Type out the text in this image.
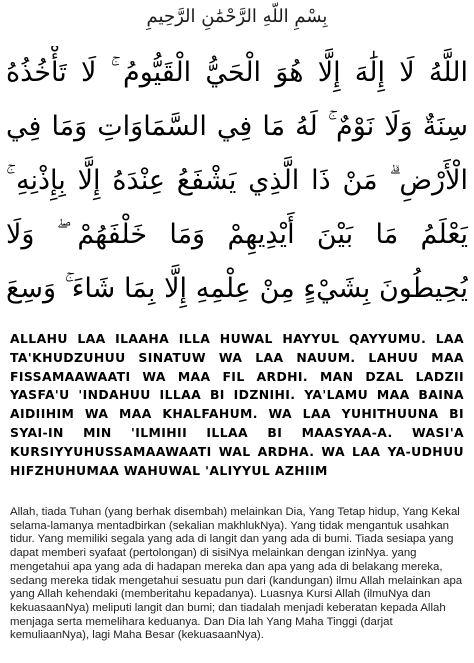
بِسْمِ اللَّهِ الرَّحْمَٰنِ الرَّحِيمِ
اللَّهُ لَا إِلَٰهَ إِلَّا هُوَ الْحَيُّ الْقَيُّومُ ۚ لَا تَأْخُذُهُ سِنَةٌ وَلَا نَوْمٌ ۚ لَهُ مَا فِي السَّمَاوَاتِ وَمَا فِي الْأَرْضِ ۗ مَنْ ذَا الَّذِي يَشْفَعُ عِنْدَهُ إِلَّا بِإِذْنِهِ ۚ يَعْلَمُ مَا بَيْنَ أَيْدِيهِمْ وَمَا خَلْفَهُمْ ۖ وَلَا يُحِيطُونَ بِشَيْءٍ مِنْ عِلْمِهِ إِلَّا بِمَا شَاءَ ۚ وَسِعَ

ALLAHU LAA ILAAHA ILLA HUWAL HAYYUL QAYYUMU. LAA TA'KHUDZUHUU SINATUW WA LAA NAUUM. LAHUU MAA FISSAMAAWAATI WA MAA FIL ARDHI. MAN DZAL LADZII YASFA'U 'INDAHUU ILLAA BI IDZNIHI. YA'LAMU MAA BAINA AIDIIHIM WA MAA KHALFAHUM. WA LAA YUHITHUUNA BI SYAI-IN MIN 'ILMIHII ILLAA BI MAASYAA-A. WASI'A KURSIYYUHUSSAMAAWAATI WAL ARDHA. WA LAA YA-UDHUU HIFZHUHUMAA WAHUWAL 'ALIYYUL AZHIIM

Allah, tiada Tuhan (yang berhak disembah) melainkan Dia, Yang Tetap hidup, Yang Kekal selama-lamanya mentadbirkan (sekalian makhlukNya). Yang tidak mengantuk usahkan tidur. Yang memiliki segala yang ada di langit dan yang ada di bumi. Tiada sesiapa yang dapat memberi syafaat (pertolongan) di sisiNya melainkan dengan izinNya. yang mengetahui apa yang ada di hadapan mereka dan apa yang ada di belakang mereka, sedang mereka tidak mengetahui sesuatu pun dari (kandungan) ilmu Allah melainkan apa yang Allah kehendaki (memberitahu kepadanya). Luasnya Kursi Allah (ilmuNya dan kekuasaanNya) meliputi langit dan bumi; dan tiadalah menjadi keberatan kepada Allah menjaga serta memelihara keduanya. Dan Dia lah Yang Maha Tinggi (darjat kemuliaanNya), lagi Maha Besar (kekuasaanNya).
